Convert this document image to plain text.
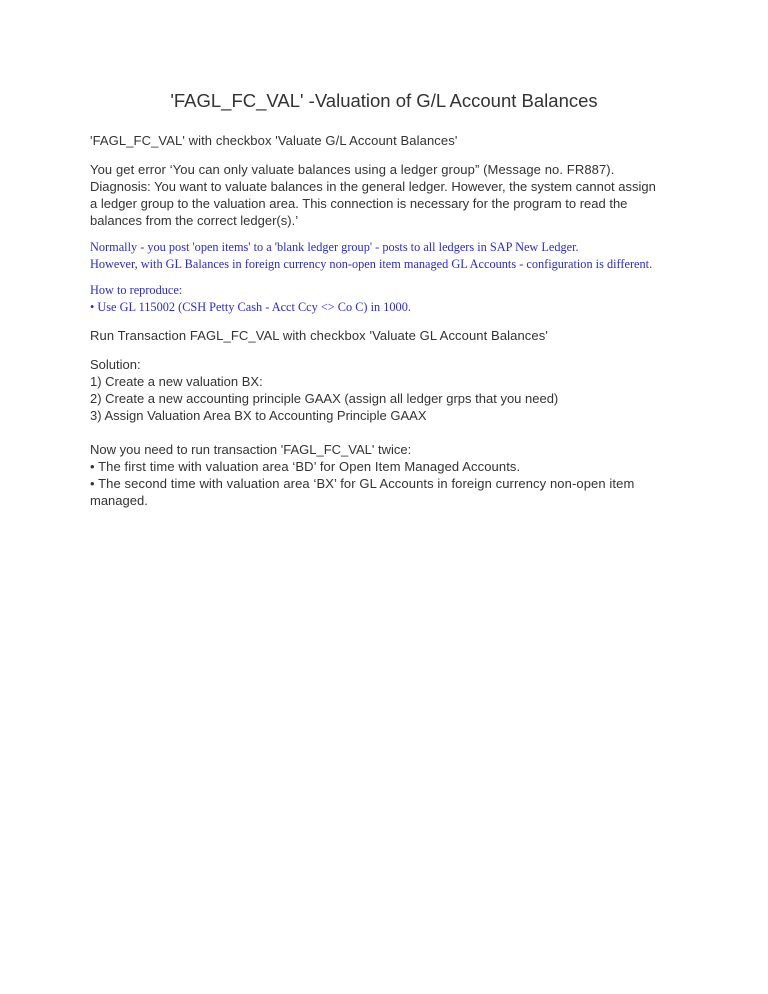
'FAGL_FC_VAL' -Valuation of G/L Account Balances

'FAGL_FC_VAL' with checkbox 'Valuate G/L Account Balances'

You get error ‘You can only valuate balances using a ledger group” (Message no. FR887).
Diagnosis: You want to valuate balances in the general ledger. However, the system cannot assign
a ledger group to the valuation area. This connection is necessary for the program to read the
balances from the correct ledger(s).’
Normally - you post 'open items' to a 'blank ledger group' - posts to all ledgers in SAP New Ledger.
However, with GL Balances in foreign currency non-open item managed GL Accounts - configuration is different.
How to reproduce:
• Use GL 115002 (CSH Petty Cash - Acct Ccy <> Co C) in 1000.

Run Transaction FAGL_FC_VAL with checkbox 'Valuate GL Account Balances'

Solution:
1) Create a new valuation BX:
2) Create a new accounting principle GAAX (assign all ledger grps that you need)
3) Assign Valuation Area BX to Accounting Principle GAAX
Now you need to run transaction 'FAGL_FC_VAL' twice:
• The first time with valuation area ‘BD’ for Open Item Managed Accounts.
• The second time with valuation area ‘BX’ for GL Accounts in foreign currency non-open item
managed.
